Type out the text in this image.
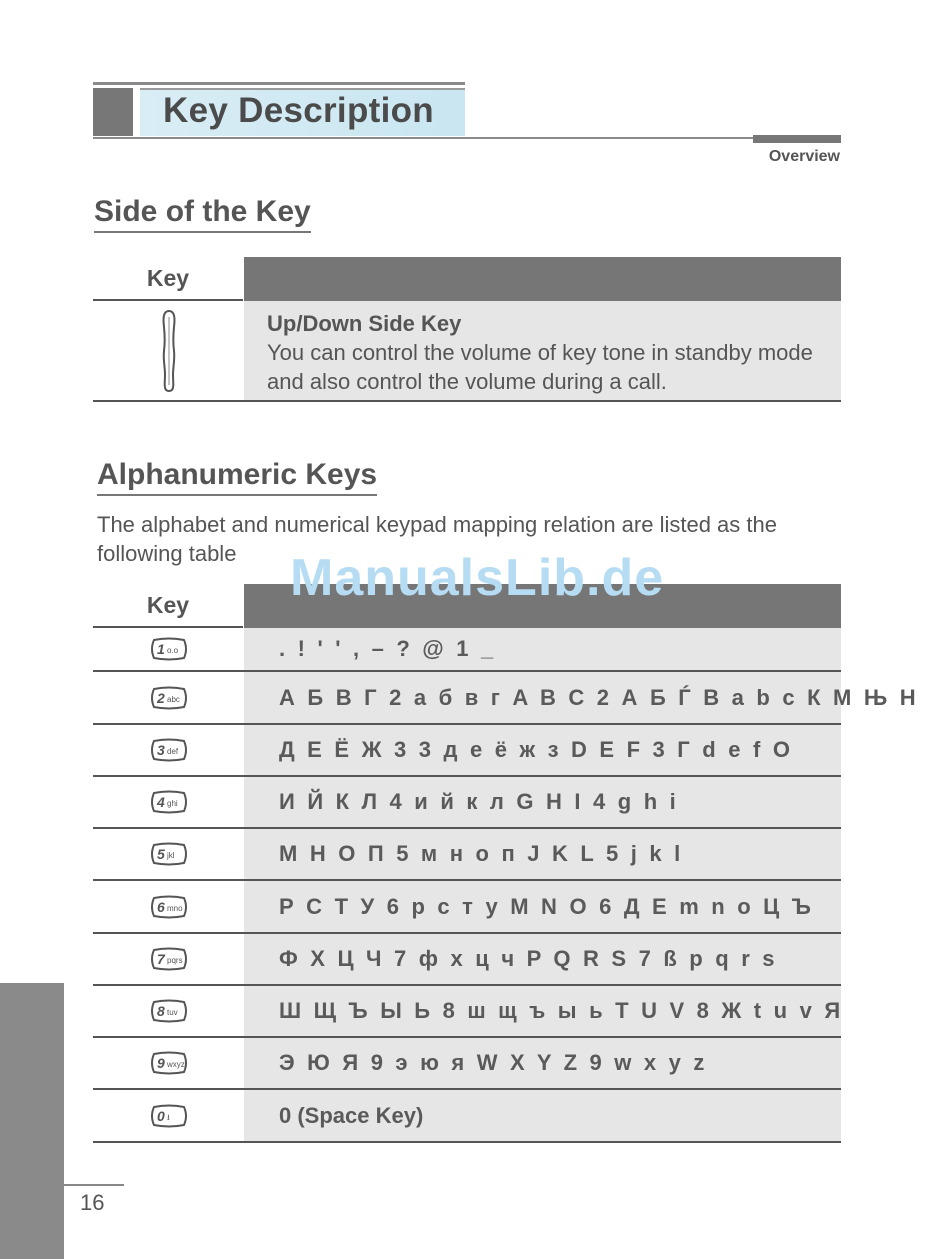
Key Description
Overview
Side of the Key
Key
Up/Down Side Key
You can control the volume of key tone in standby mode and also control the volume during a call.
Alphanumeric Keys
The alphabet and numerical keypad mapping relation are listed as the following table
Key
1 o.o	. ! ' ' , – ? @ 1 _
2 abc	А Б В Г 2 а б в г A B C 2 А Б Ѓ В a b c К М Њ Н
3 def	Д Е Ё Ж 3 3 д е ё ж з D E F 3 Г d e f О
4 ghi	И Й К Л 4 и й к л G H I 4 g h i
5 jkl	М Н О П 5 м н о п J K L 5 j k l
6 mno	Р С Т У 6 р с т у M N O 6 Д Е m n o Ц Ъ
7 pqrs	Ф Х Ц Ч 7 ф х ц ч P Q R S 7 ß p q r s
8 tuv	Ш Щ Ъ Ы Ь 8 ш щ ъ ы ь T U V 8 Ж t u v Я
9 wxyz	Э Ю Я 9 э ю я W X Y Z 9 w x y z
0 ⭳	0 (Space Key)
ManualsLib.de
16
